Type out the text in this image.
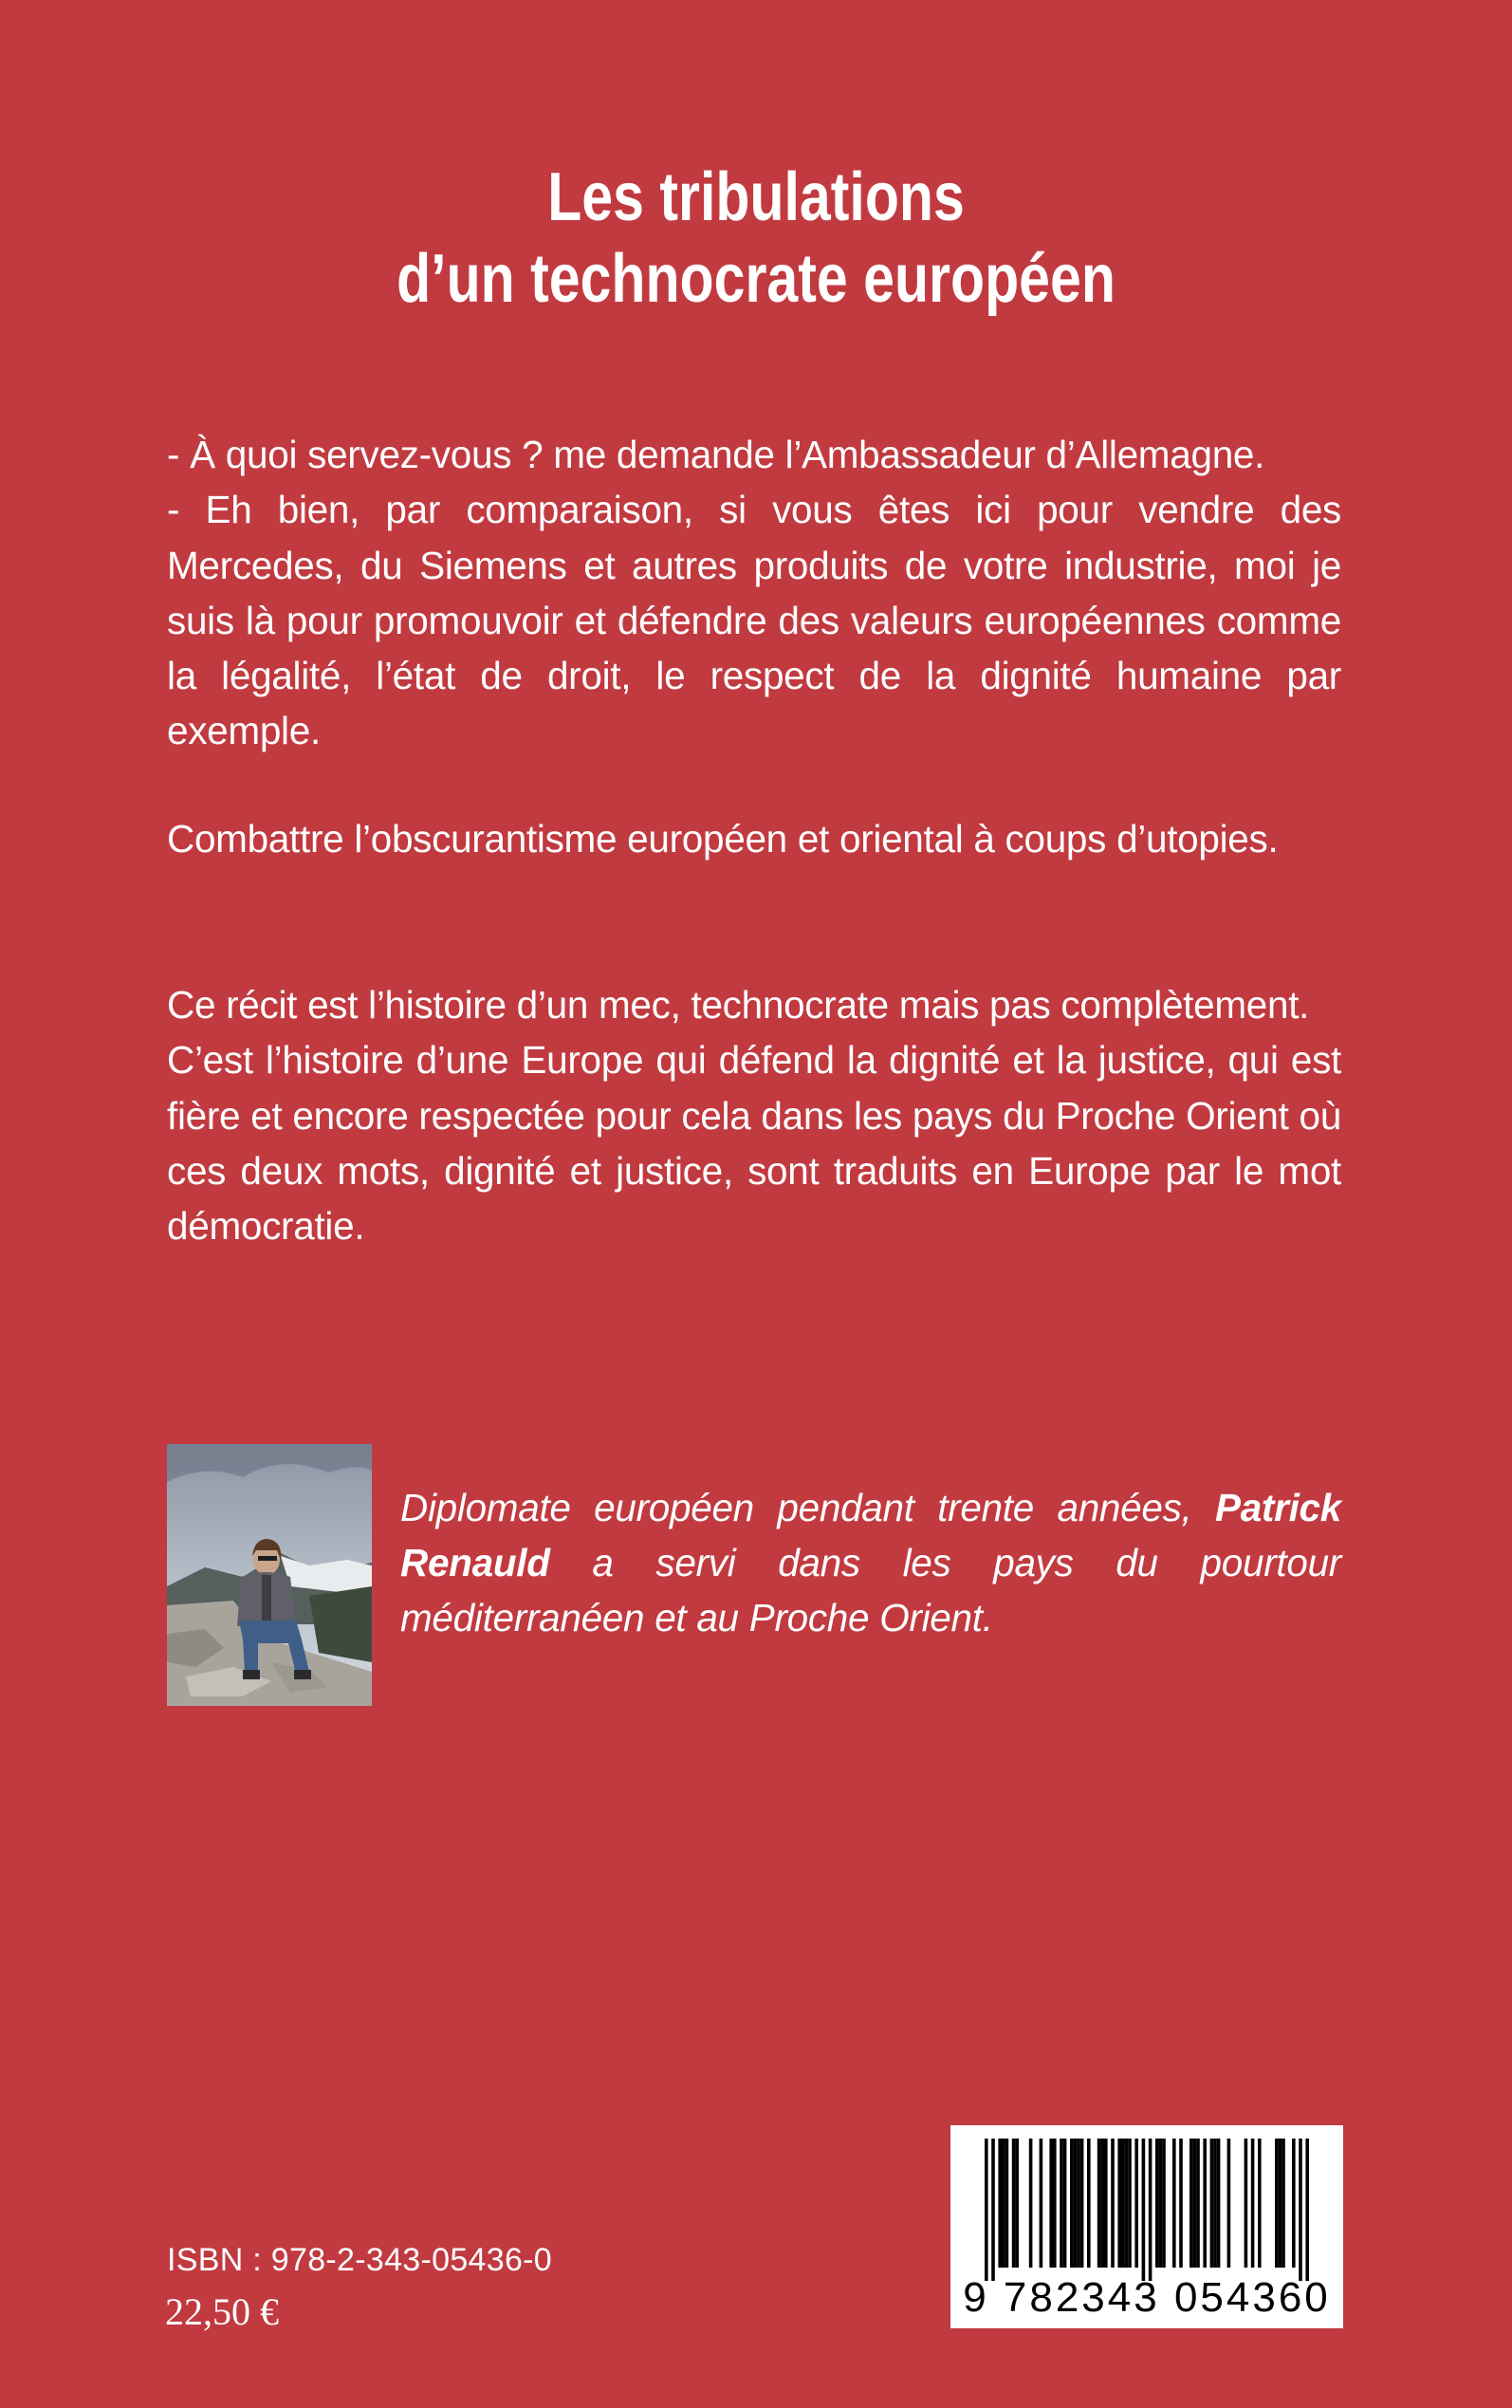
Les tribulations
d’un technocrate européen

- À quoi servez-vous ? me demande l’Ambassadeur d’Allemagne.

- Eh bien, par comparaison, si vous êtes ici pour vendre des Mercedes, du Siemens et autres produits de votre industrie, moi je suis là pour promouvoir et défendre des valeurs européennes comme la légalité, l’état de droit, le respect de la dignité humaine par exemple.

Combattre l’obscurantisme européen et oriental à coups d’utopies.

Ce récit est l’histoire d’un mec, technocrate mais pas complètement.

C’est l’histoire d’une Europe qui défend la dignité et la justice, qui est fière et encore respectée pour cela dans les pays du Proche Orient où ces deux mots, dignité et justice, sont traduits en Europe par le mot démocratie.

Diplomate européen pendant trente années, Patrick Renauld a servi dans les pays du pourtour méditerranéen et au Proche Orient.
9 782343 054360
ISBN : 978-2-343-05436-0
22,50 €
